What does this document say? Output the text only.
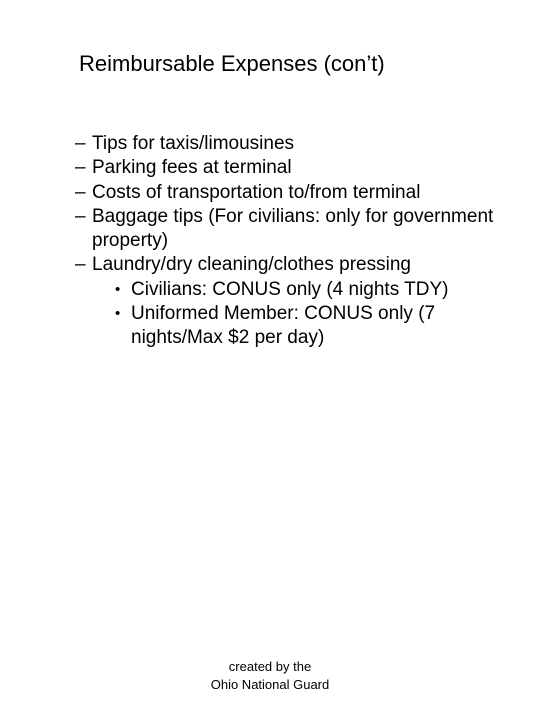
Reimbursable Expenses (con’t)
– Tips for taxis/limousines
– Parking fees at terminal
– Costs of transportation to/from terminal
– Baggage tips (For civilians: only for government property)
– Laundry/dry cleaning/clothes pressing
• Civilians: CONUS only (4 nights TDY)
• Uniformed Member: CONUS only (7 nights/Max $2 per day)
created by the
Ohio National Guard
